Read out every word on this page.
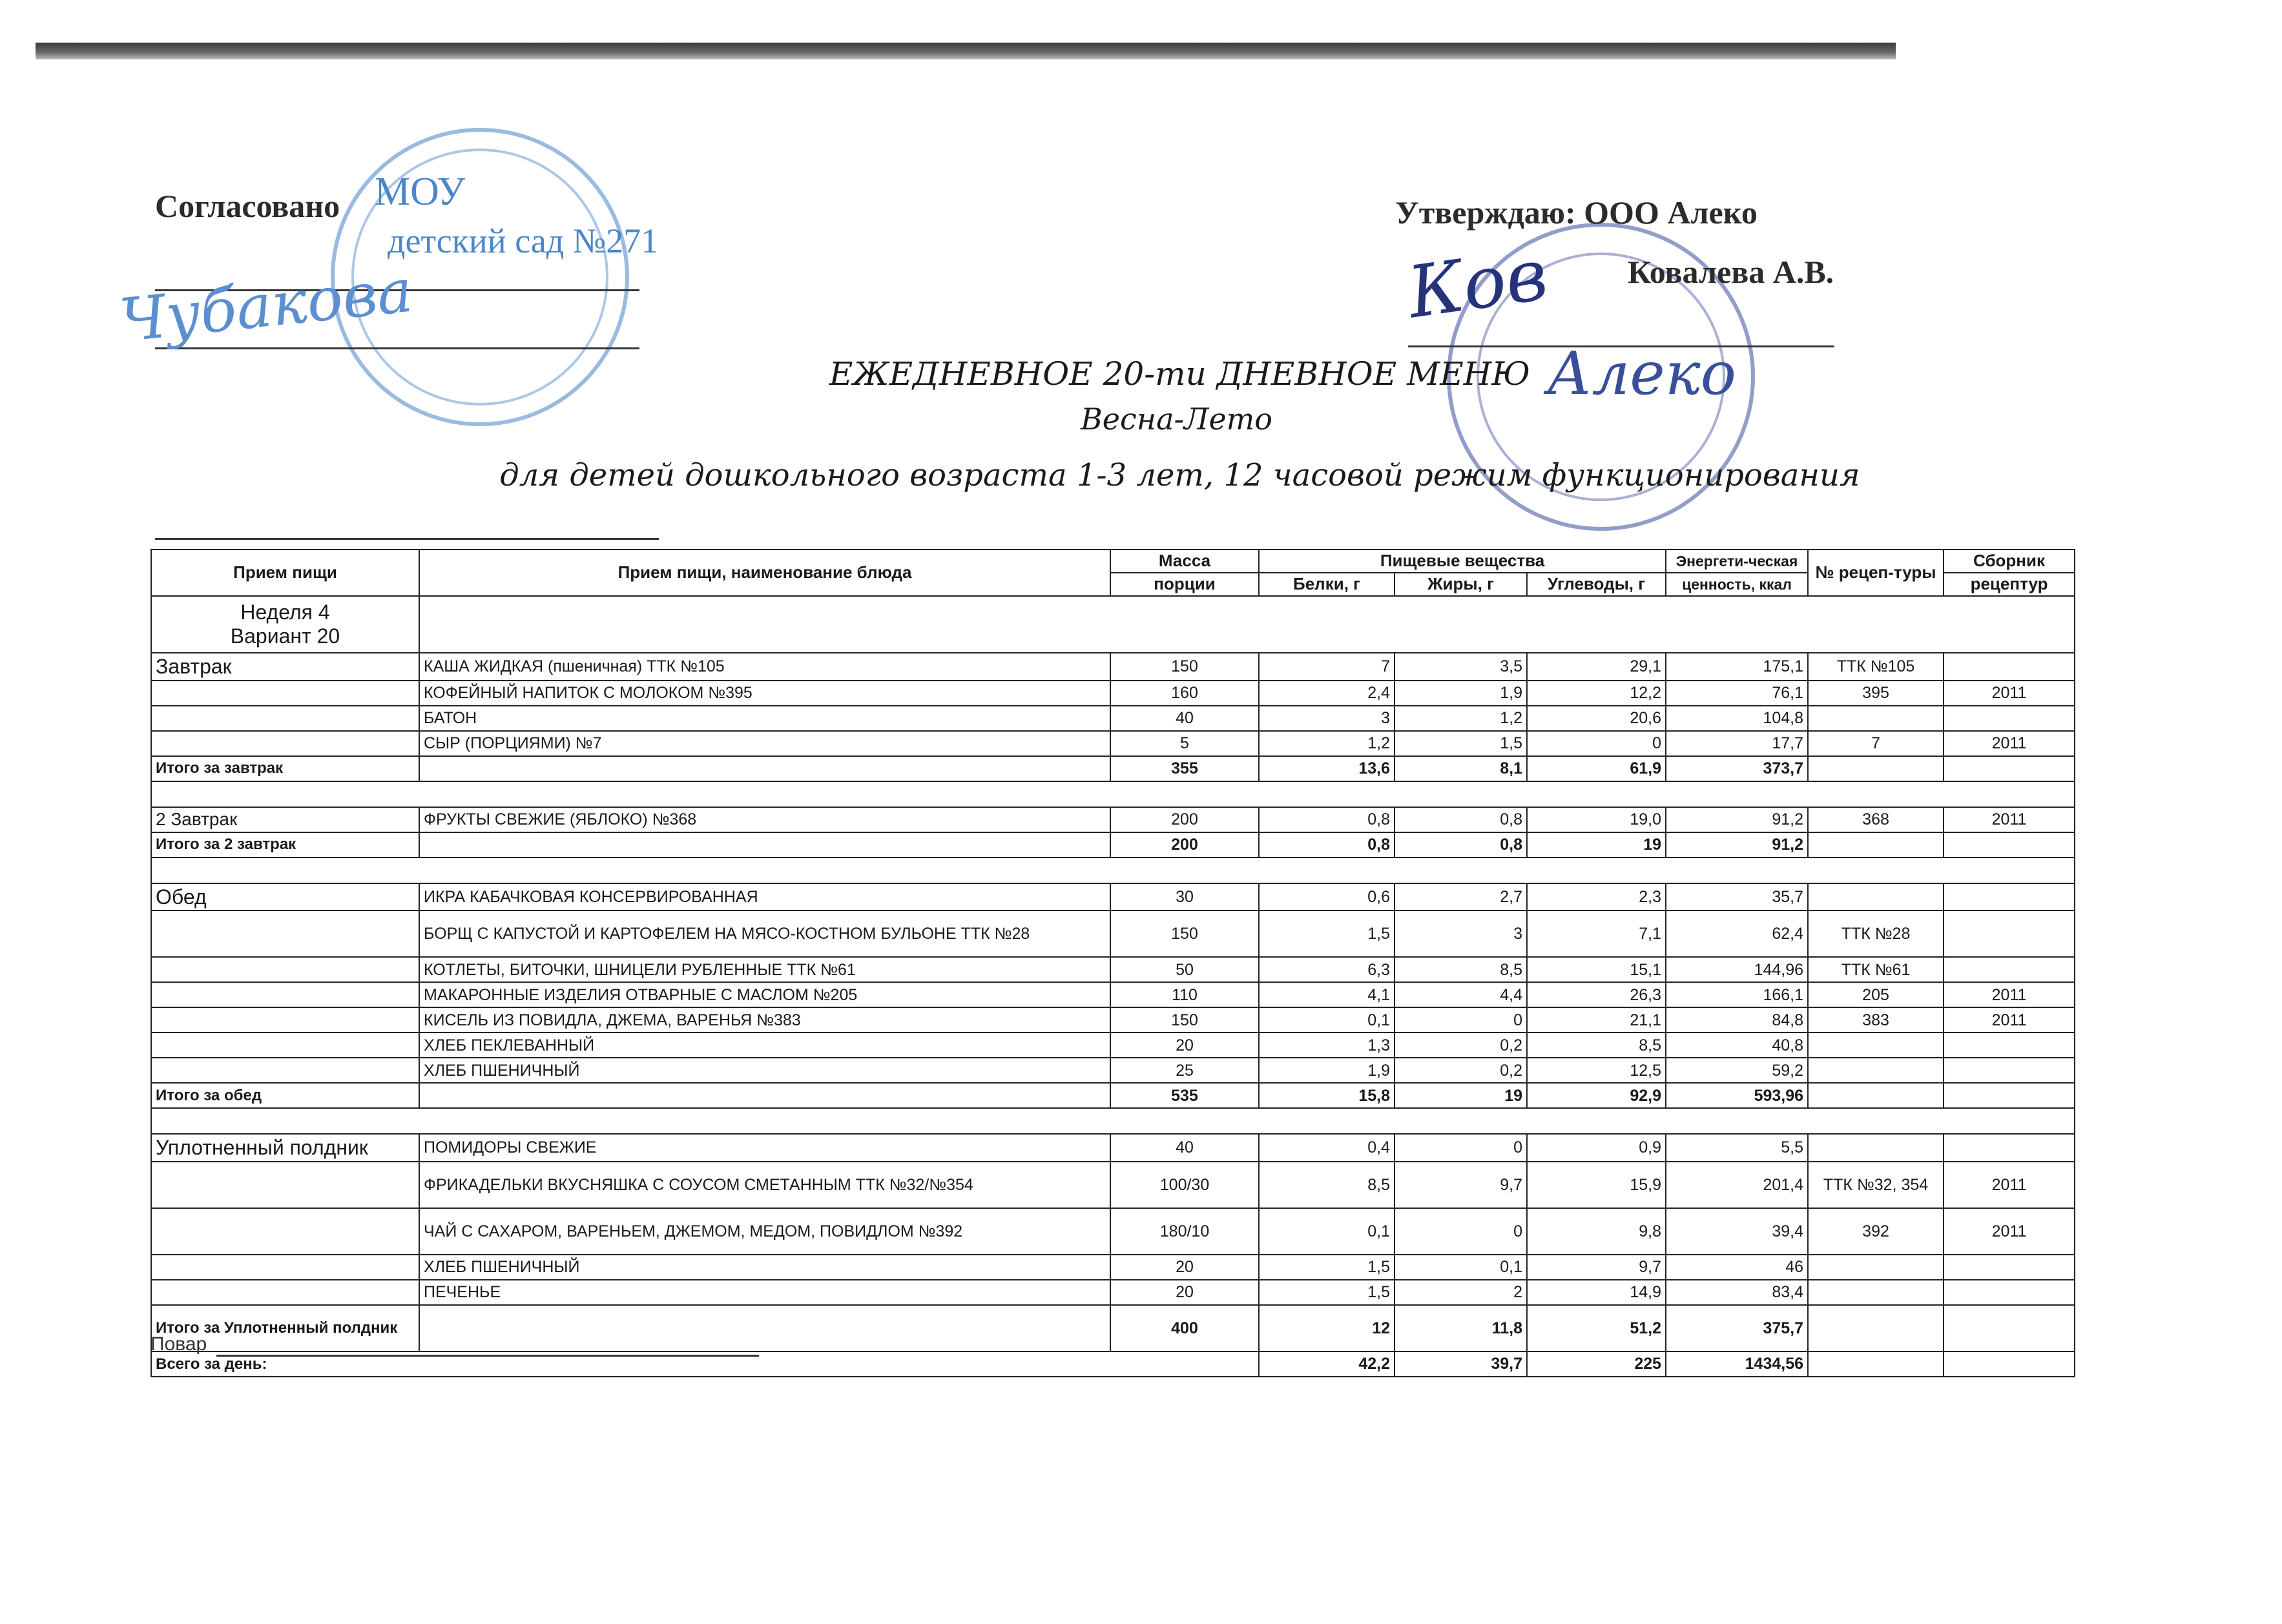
МОУ
детский сад №271
Согласовано
Чубакова
Алеко
Утверждаю: ООО Алеко
Ковалева А.В.
Ков
ЕЖЕДНЕВНОЕ 20-ти ДНЕВНОЕ МЕНЮ
Весна-Лето
для детей дошкольного возраста 1-3 лет, 12 часовой режим функционирования
Прием пищи	Прием пищи, наименование блюда	Масса	Пищевые вещества			Энергети-ческая	№ рецеп-туры	Сборник
		порции	Белки, г	Жиры, г	Углеводы, г	ценность, ккал		рецептур

Неделя 4
Вариант 20								

Завтрак	КАША ЖИДКАЯ (пшеничная) ТТК №105	150	7	3,5	29,1	175,1	ТТК №105	
	КОФЕЙНЫЙ НАПИТОК С МОЛОКОМ №395	160	2,4	1,9	12,2	76,1	395	2011
	БАТОН	40	3	1,2	20,6	104,8		
	СЫР (ПОРЦИЯМИ) №7	5	1,2	1,5	0	17,7	7	2011
Итого за завтрак		355	13,6	8,1	61,9	373,7		

2 Завтрак	ФРУКТЫ СВЕЖИЕ (ЯБЛОКО) №368	200	0,8	0,8	19,0	91,2	368	2011
Итого за 2 завтрак		200	0,8	0,8	19	91,2		

Обед	ИКРА КАБАЧКОВАЯ КОНСЕРВИРОВАННАЯ	30	0,6	2,7	2,3	35,7		
	БОРЩ С КАПУСТОЙ И КАРТОФЕЛЕМ НА МЯСО-КОСТНОМ БУЛЬОНЕ ТТК №28	150	1,5	3	7,1	62,4	ТТК №28	
	КОТЛЕТЫ, БИТОЧКИ, ШНИЦЕЛИ РУБЛЕННЫЕ ТТК №61	50	6,3	8,5	15,1	144,96	ТТК №61	
	МАКАРОННЫЕ ИЗДЕЛИЯ ОТВАРНЫЕ С МАСЛОМ №205	110	4,1	4,4	26,3	166,1	205	2011
	КИСЕЛЬ ИЗ ПОВИДЛА, ДЖЕМА, ВАРЕНЬЯ №383	150	0,1	0	21,1	84,8	383	2011
	ХЛЕБ ПЕКЛЕВАННЫЙ	20	1,3	0,2	8,5	40,8		
	ХЛЕБ ПШЕНИЧНЫЙ	25	1,9	0,2	12,5	59,2		
Итого за обед		535	15,8	19	92,9	593,96		

Уплотненный полдник	ПОМИДОРЫ СВЕЖИЕ	40	0,4	0	0,9	5,5		
	ФРИКАДЕЛЬКИ ВКУСНЯШКА С СОУСОМ СМЕТАННЫМ ТТК №32/№354	100/30	8,5	9,7	15,9	201,4	ТТК №32, 354	2011
	ЧАЙ С САХАРОМ, ВАРЕНЬЕМ, ДЖЕМОМ, МЕДОМ, ПОВИДЛОМ №392	180/10	0,1	0	9,8	39,4	392	2011
	ХЛЕБ ПШЕНИЧНЫЙ	20	1,5	0,1	9,7	46		
	ПЕЧЕНЬЕ	20	1,5	2	14,9	83,4		
Итого за Уплотненный полдник		400	12	11,8	51,2	375,7		
Всего за день:			42,2	39,7	225	1434,56		
Повар
